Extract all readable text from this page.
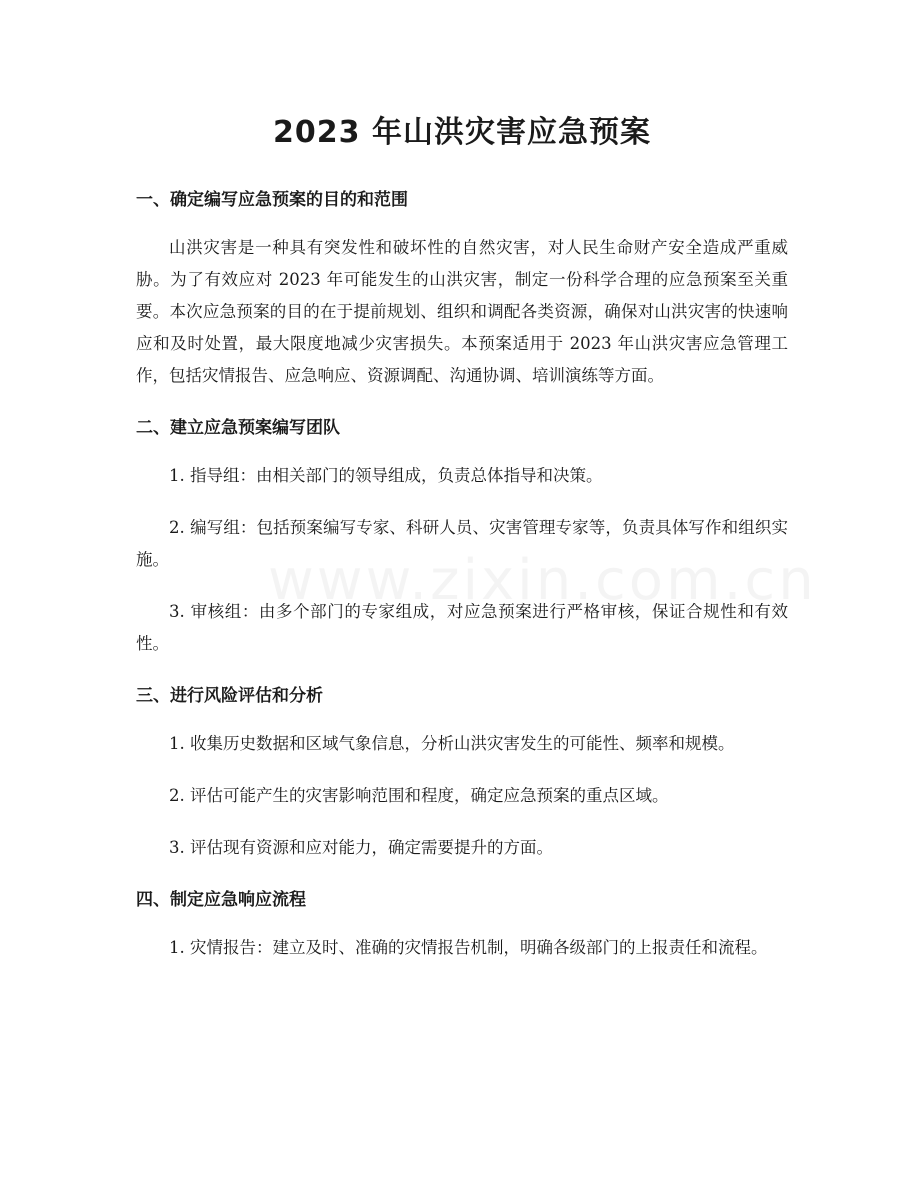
2023 年山洪灾害应急预案
一、确定编写应急预案的目的和范围

山洪灾害是一种具有突发性和破坏性的自然灾害，对人民生命财产安全造成严重威胁。为了有效应对 2023 年可能发生的山洪灾害，制定一份科学合理的应急预案至关重要。本次应急预案的目的在于提前规划、组织和调配各类资源，确保对山洪灾害的快速响应和及时处置，最大限度地减少灾害损失。本预案适用于 2023 年山洪灾害应急管理工作，包括灾情报告、应急响应、资源调配、沟通协调、培训演练等方面。

二、建立应急预案编写团队

1. 指导组：由相关部门的领导组成，负责总体指导和决策。

2. 编写组：包括预案编写专家、科研人员、灾害管理专家等，负责具体写作和组织实施。

3. 审核组：由多个部门的专家组成，对应急预案进行严格审核，保证合规性和有效性。

三、进行风险评估和分析

1. 收集历史数据和区域气象信息，分析山洪灾害发生的可能性、频率和规模。

2. 评估可能产生的灾害影响范围和程度，确定应急预案的重点区域。

3. 评估现有资源和应对能力，确定需要提升的方面。

四、制定应急响应流程

1. 灾情报告：建立及时、准确的灾情报告机制，明确各级部门的上报责任和流程。
